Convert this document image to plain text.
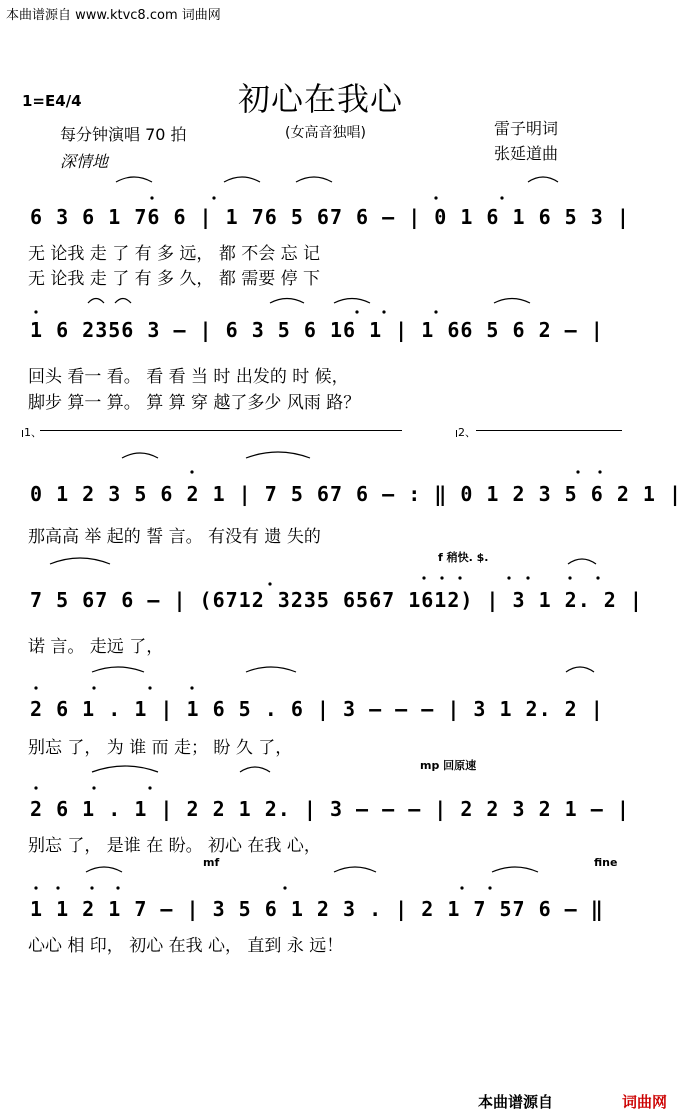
本曲谱源自 www.ktvc8.com 词曲网
1=E4/4	初心在我心
每分钟演唱 70 拍
深情地
(女高音独唱)	雷子明词
张延道曲
6 3 6 1 76 6 | 1 76 5 67 6 — | 0 1 6 1 6 5 3 |
无 论我 走 了 有 多 远， 都 不会 忘 记
无 论我 走 了 有 多 久， 都 需要 停 下
1 6 2356 3 — | 6 3 5 6 16 1 | 1 66 5 6 2 — |
回头 看一 看。 看 看 当 时 出发的 时 候，
脚步 算一 算。 算 算 穿 越了多少 风雨 路？
1、	2、
0 1 2 3 5 6 2 1 | 7 5 67 6 — : ‖ 0 1 2 3 5 6 2 1 |
那高高 举 起的 誓 言。 有没有 遗 失的
f 稍快. $.
7 5 67 6 — | (6712 3235 6567 1612) | 3 1 2. 2 |
诺 言。 走远 了，
2 6 1 . 1 | 1 6 5 . 6 | 3 — — — | 3 1 2. 2 |
别忘 了， 为 谁 而 走； 盼 久 了，
mp 回原速
2 6 1 . 1 | 2 2 1 2. | 3 — — — | 2 2 3 2 1 — |
别忘 了， 是谁 在 盼。 初心 在我 心，
mf	fine
1 1 2 1 7 — | 3 5 6 1 2 3 . | 2 1 7 57 6 — ‖
心心 相 印， 初心 在我 心， 直到 永 远！
本曲谱源自	词曲网
